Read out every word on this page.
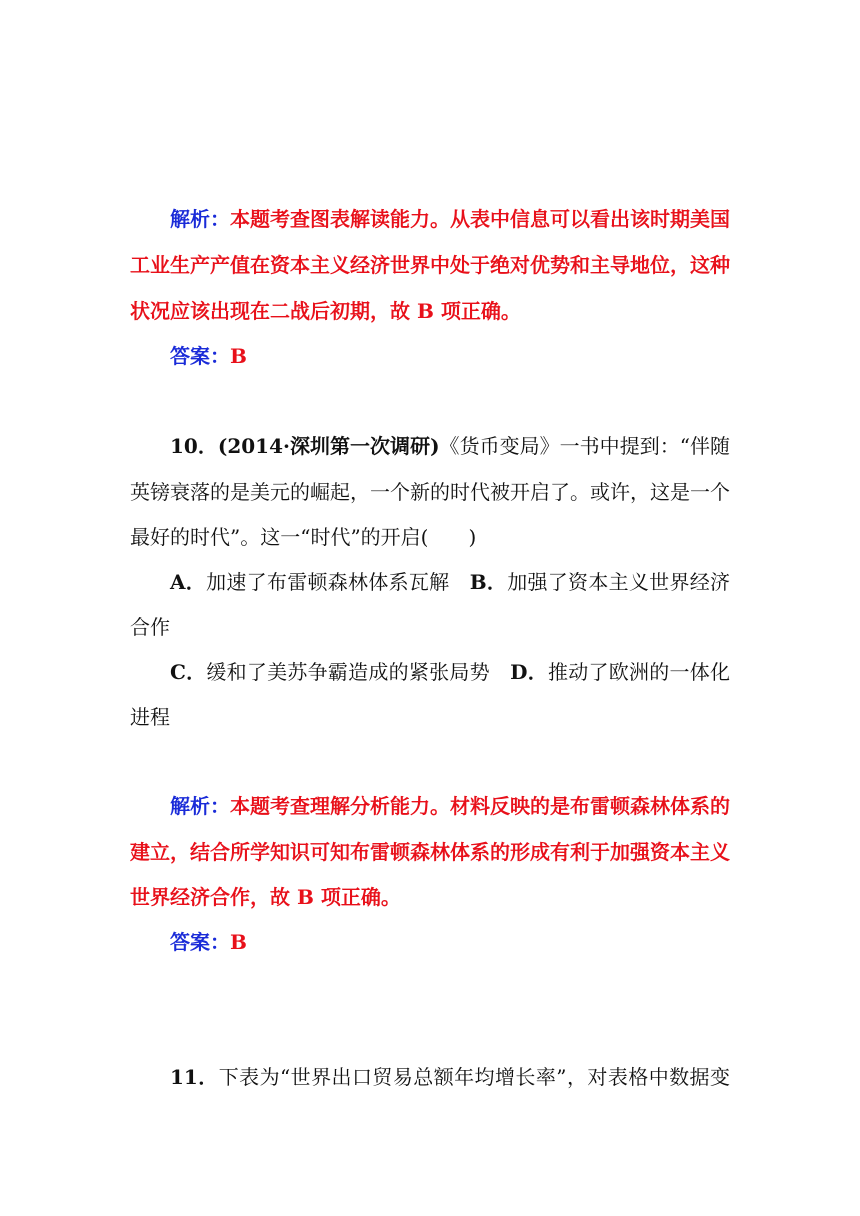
解析：本题考查图表解读能力。从表中信息可以看出该时期美国
工业生产产值在资本主义经济世界中处于绝对优势和主导地位，这种
状况应该出现在二战后初期，故 B 项正确。
答案：B
10．(2014·深圳第一次调研)《货币变局》一书中提到：“伴随
英镑衰落的是美元的崛起，一个新的时代被开启了。或许，这是一个
最好的时代”。这一“时代”的开启(　　)
A．加速了布雷顿森林体系瓦解　 B．加强了资本主义世界经济
合作
C．缓和了美苏争霸造成的紧张局势　 D．推动了欧洲的一体化
进程
解析：本题考查理解分析能力。材料反映的是布雷顿森林体系的
建立，结合所学知识可知布雷顿森林体系的形成有利于加强资本主义
世界经济合作，故 B 项正确。
答案：B
11．下表为“世界出口贸易总额年均增长率”，对表格中数据变
